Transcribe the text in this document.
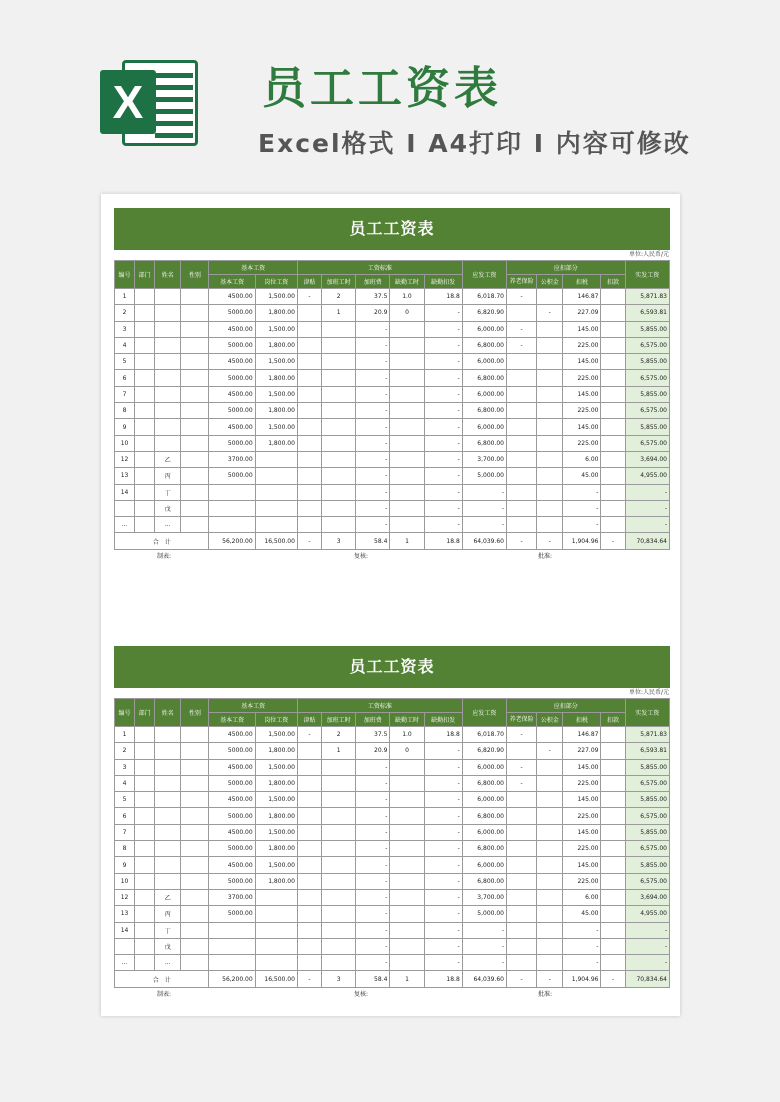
X	员工工资表
Excel格式 I A4打印 I 内容可修改
员工工资表
单位:人民币/元
编号	部门	姓名	性别	基本工资		工资标准					应发工资	应扣部分				实发工资
				基本工资	岗位工资	津贴	加班工时	加班费	缺勤工时	缺勤扣发		养老保险	公积金	扣税	扣款	
1				4500.00	1,500.00	-	2	37.5	1.0	18.8	6,018.70	-		146.87		5,871.83
2				5000.00	1,800.00		1	20.9	0	-	6,820.90		-	227.09		6,593.81
3				4500.00	1,500.00			-		-	6,000.00	-		145.00		5,855.00
4				5000.00	1,800.00			-		-	6,800.00	-		225.00		6,575.00
5				4500.00	1,500.00			-		-	6,000.00			145.00		5,855.00
6				5000.00	1,800.00			-		-	6,800.00			225.00		6,575.00
7				4500.00	1,500.00			-		-	6,000.00			145.00		5,855.00
8				5000.00	1,800.00			-		-	6,800.00			225.00		6,575.00
9				4500.00	1,500.00			-		-	6,000.00			145.00		5,855.00
10				5000.00	1,800.00			-		-	6,800.00			225.00		6,575.00
12		乙		3700.00				-		-	3,700.00			6.00		3,694.00
13		丙		5000.00				-		-	5,000.00			45.00		4,955.00
14		丁						-		-	-			-		-
		戊						-		-	-			-		-
...		...						-		-	-			-		-
合　计				56,200.00	16,500.00	-	3	58.4	1	18.8	64,039.60	-	-	1,904.96	-	70,834.64
制表:	复核:	批准:
员工工资表
单位:人民币/元
编号	部门	姓名	性别	基本工资		工资标准					应发工资	应扣部分				实发工资
				基本工资	岗位工资	津贴	加班工时	加班费	缺勤工时	缺勤扣发		养老保险	公积金	扣税	扣款	
1				4500.00	1,500.00	-	2	37.5	1.0	18.8	6,018.70	-		146.87		5,871.83
2				5000.00	1,800.00		1	20.9	0	-	6,820.90		-	227.09		6,593.81
3				4500.00	1,500.00			-		-	6,000.00	-		145.00		5,855.00
4				5000.00	1,800.00			-		-	6,800.00	-		225.00		6,575.00
5				4500.00	1,500.00			-		-	6,000.00			145.00		5,855.00
6				5000.00	1,800.00			-		-	6,800.00			225.00		6,575.00
7				4500.00	1,500.00			-		-	6,000.00			145.00		5,855.00
8				5000.00	1,800.00			-		-	6,800.00			225.00		6,575.00
9				4500.00	1,500.00			-		-	6,000.00			145.00		5,855.00
10				5000.00	1,800.00			-		-	6,800.00			225.00		6,575.00
12		乙		3700.00				-		-	3,700.00			6.00		3,694.00
13		丙		5000.00				-		-	5,000.00			45.00		4,955.00
14		丁						-		-	-			-		-
		戊						-		-	-			-		-
...		...						-		-	-			-		-
合　计				56,200.00	16,500.00	-	3	58.4	1	18.8	64,039.60	-	-	1,904.96	-	70,834.64
制表:	复核:	批准:
